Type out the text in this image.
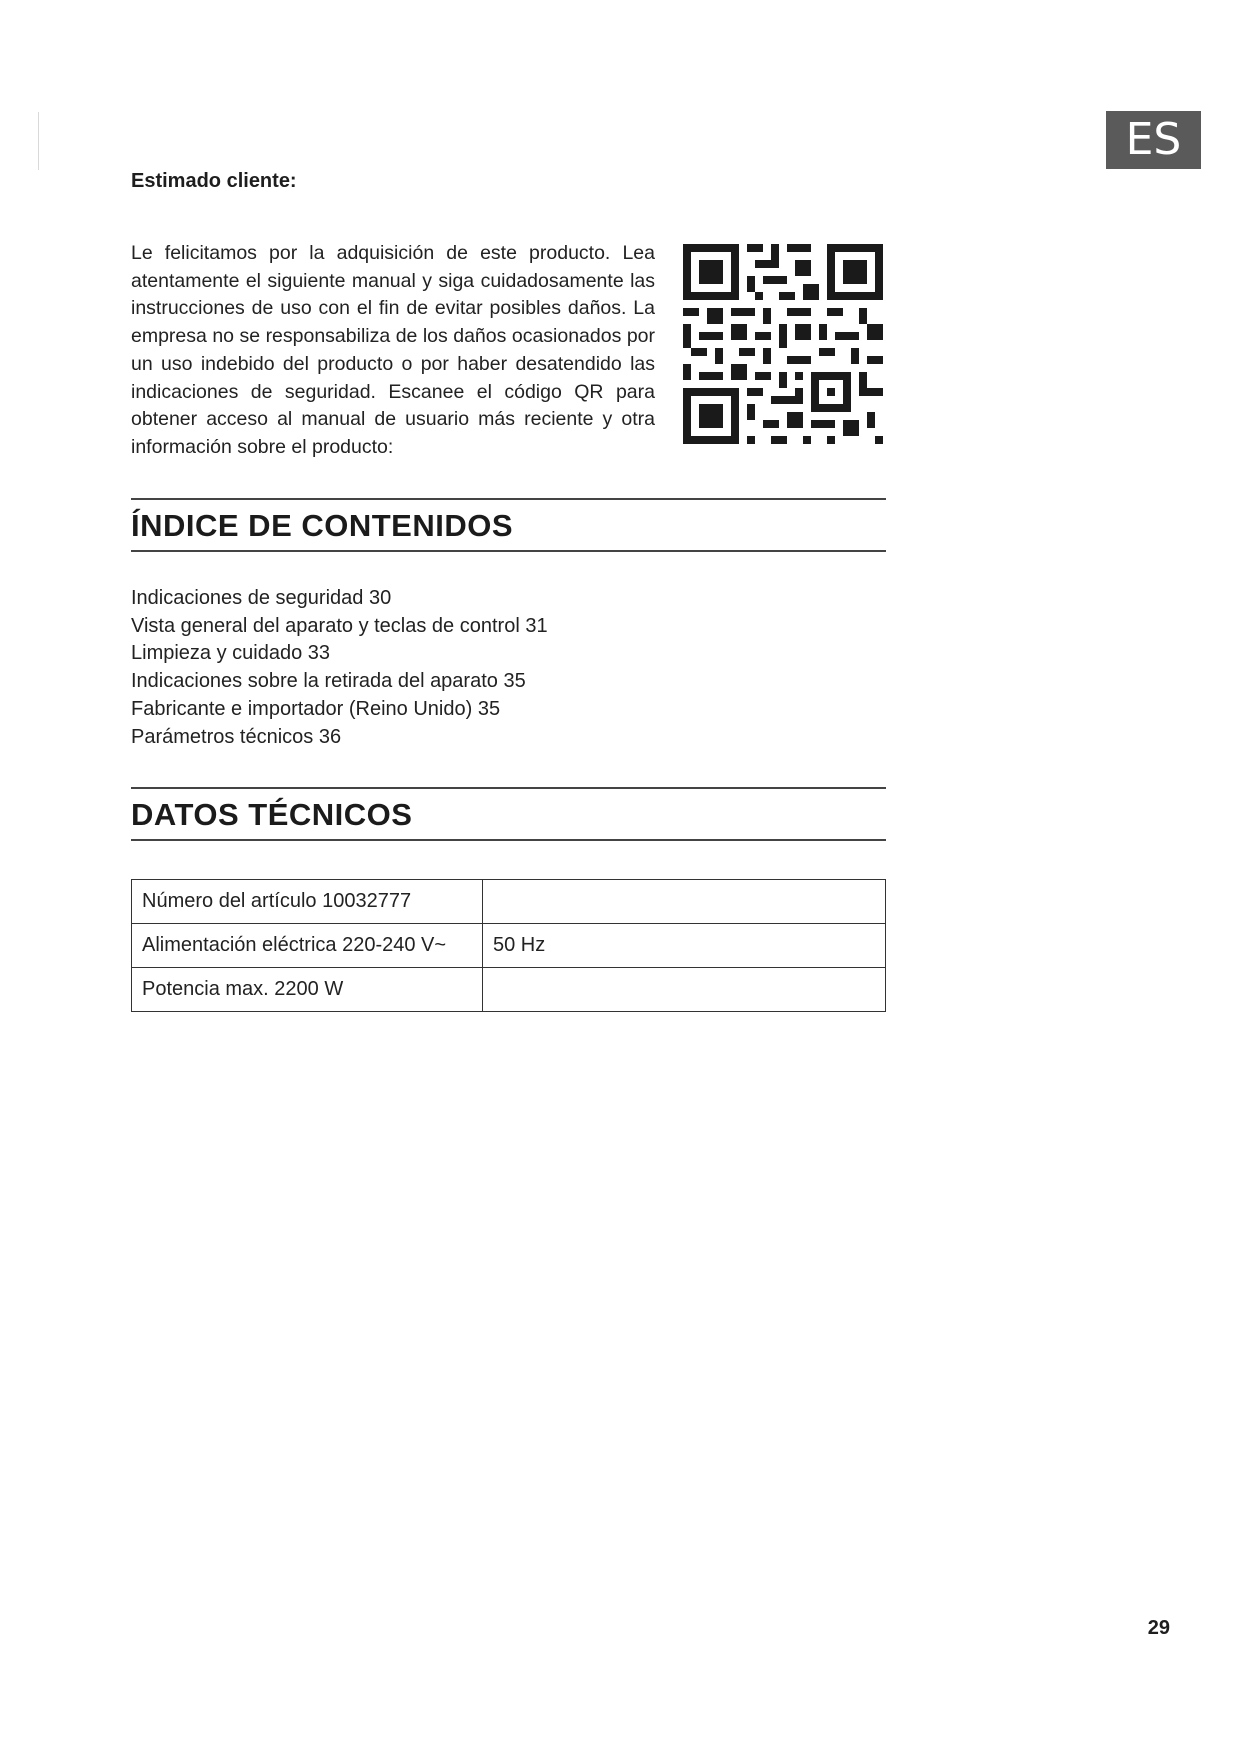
ES
Estimado cliente:

Le felicitamos por la adquisición de este producto. Lea atentamente el siguiente manual y siga cuidadosamente las instrucciones de uso con el fin de evitar posibles daños. La empresa no se responsabiliza de los daños ocasionados por un uso indebido del producto o por haber desatendido las indicaciones de seguridad. Escanee el código QR para obtener acceso al manual de usuario más reciente y otra información sobre el producto:

ÍNDICE DE CONTENIDOS
Indicaciones de seguridad 30
Vista general del aparato y teclas de control 31
Limpieza y cuidado 33
Indicaciones sobre la retirada del aparato 35
Fabricante e importador (Reino Unido) 35
Parámetros técnicos 36
DATOS TÉCNICOS
Número del artículo 10032777	
Alimentación eléctrica 220-240 V~	50 Hz
Potencia max. 2200 W	
29
